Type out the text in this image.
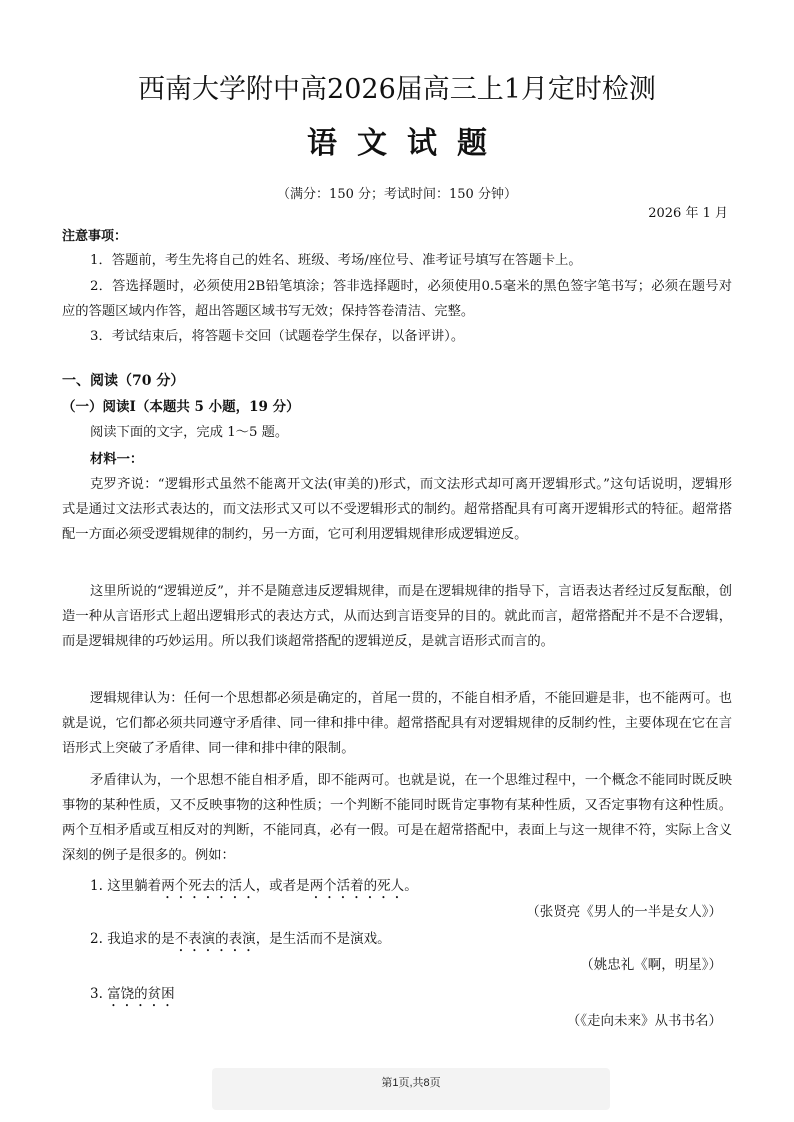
西南大学附中高2026届高三上1月定时检测
语文试题
（满分：150 分；考试时间：150 分钟）
2026 年 1 月
注意事项：
1．答题前，考生先将自己的姓名、班级、考场/座位号、准考证号填写在答题卡上。
2．答选择题时，必须使用2B铅笔填涂；答非选择题时，必须使用0.5毫米的黑色签字笔书写；必须在题号对应的答题区域内作答，超出答题区域书写无效；保持答卷清洁、完整。
3．考试结束后，将答题卡交回（试题卷学生保存，以备评讲）。
一、阅读（70 分）
（一）阅读Ⅰ（本题共 5 小题，19 分）
阅读下面的文字，完成 1～5 题。
材料一：
克罗齐说：“逻辑形式虽然不能离开文法(审美的)形式，而文法形式却可离开逻辑形式。”这句话说明，逻辑形式是通过文法形式表达的，而文法形式又可以不受逻辑形式的制约。超常搭配具有可离开逻辑形式的特征。超常搭配一方面必须受逻辑规律的制约，另一方面，它可利用逻辑规律形成逻辑逆反。
这里所说的“逻辑逆反”，并不是随意违反逻辑规律，而是在逻辑规律的指导下，言语表达者经过反复酝酿，创造一种从言语形式上超出逻辑形式的表达方式，从而达到言语变异的目的。就此而言，超常搭配并不是不合逻辑，而是逻辑规律的巧妙运用。所以我们谈超常搭配的逻辑逆反，是就言语形式而言的。
逻辑规律认为：任何一个思想都必须是确定的，首尾一贯的，不能自相矛盾，不能回避是非，也不能两可。也就是说，它们都必须共同遵守矛盾律、同一律和排中律。超常搭配具有对逻辑规律的反制约性，主要体现在它在言语形式上突破了矛盾律、同一律和排中律的限制。
矛盾律认为，一个思想不能自相矛盾，即不能两可。也就是说，在一个思维过程中，一个概念不能同时既反映事物的某种性质，又不反映事物的这种性质；一个判断不能同时既肯定事物有某种性质，又否定事物有这种性质。两个互相矛盾或互相反对的判断，不能同真，必有一假。可是在超常搭配中，表面上与这一规律不符，实际上含义深刻的例子是很多的。例如：
1. 这里躺着两个死去的活人，或者是两个活着的死人。
（张贤亮《男人的一半是女人》）
2. 我追求的是不表演的表演，是生活而不是演戏。
（姚忠礼《啊，明星》）
3. 富饶的贫困
（《走向未来》从书书名）
第1页,共8页
